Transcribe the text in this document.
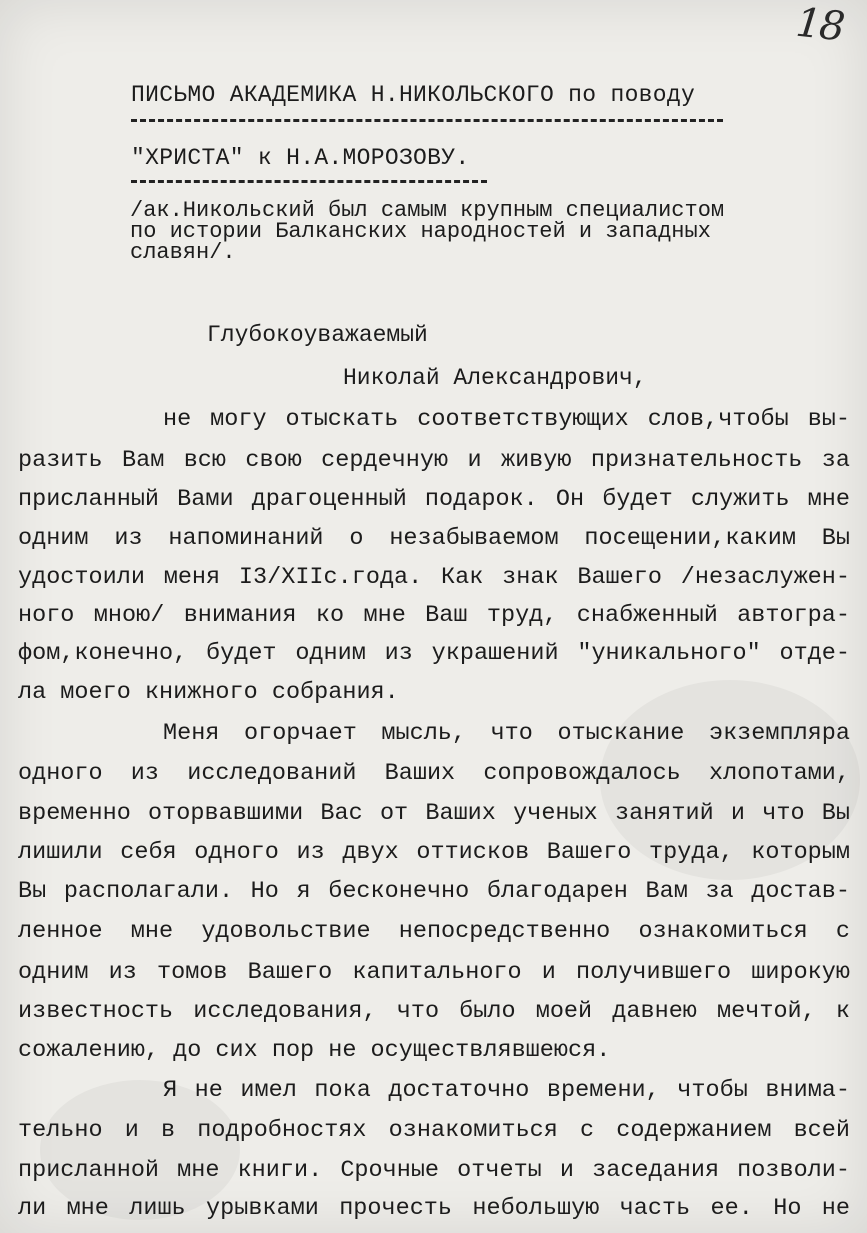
18
ПИСЬМО АКАДЕМИКА Н.НИКОЛЬСКОГО по поводу
"ХРИСТА" к Н.А.МОРОЗОВУ.
/ак.Никольский был самым крупным специалистом
по истории Балканских народностей и западных
славян/.
Глубокоуважаемый
Николай Александрович,
не могу отыскать соответствующих слов,чтобы вы-
разить Вам всю свою сердечную и живую признательность за
присланный Вами драгоценный подарок. Он будет служить мне
одним из напоминаний о незабываемом посещении,каким Вы
удостоили меня I3/XIIс.года. Как знак Вашего /незаслужен-
ного мною/ внимания ко мне Ваш труд, снабженный автогра-
фом,конечно, будет одним из украшений "уникального" отде-
ла моего книжного собрания.
Меня огорчает мысль, что отыскание экземпляра
одного из исследований Ваших сопровождалось хлопотами,
временно оторвавшими Вас от Ваших ученых занятий и что Вы
лишили себя одного из двух оттисков Вашего труда, которым
Вы располагали. Но я бесконечно благодарен Вам за достав-
ленное мне удовольствие непосредственно ознакомиться с
одним из томов Вашего капитального и получившего широкую
известность исследования, что было моей давнею мечтой, к
сожалению, до сих пор не осуществлявшеюся.
Я не имел пока достаточно времени, чтобы внима-
тельно и в подробностях ознакомиться с содержанием всей
присланной мне книги. Срочные отчеты и заседания позволи-
ли мне лишь урывками прочесть небольшую часть ее. Но не
